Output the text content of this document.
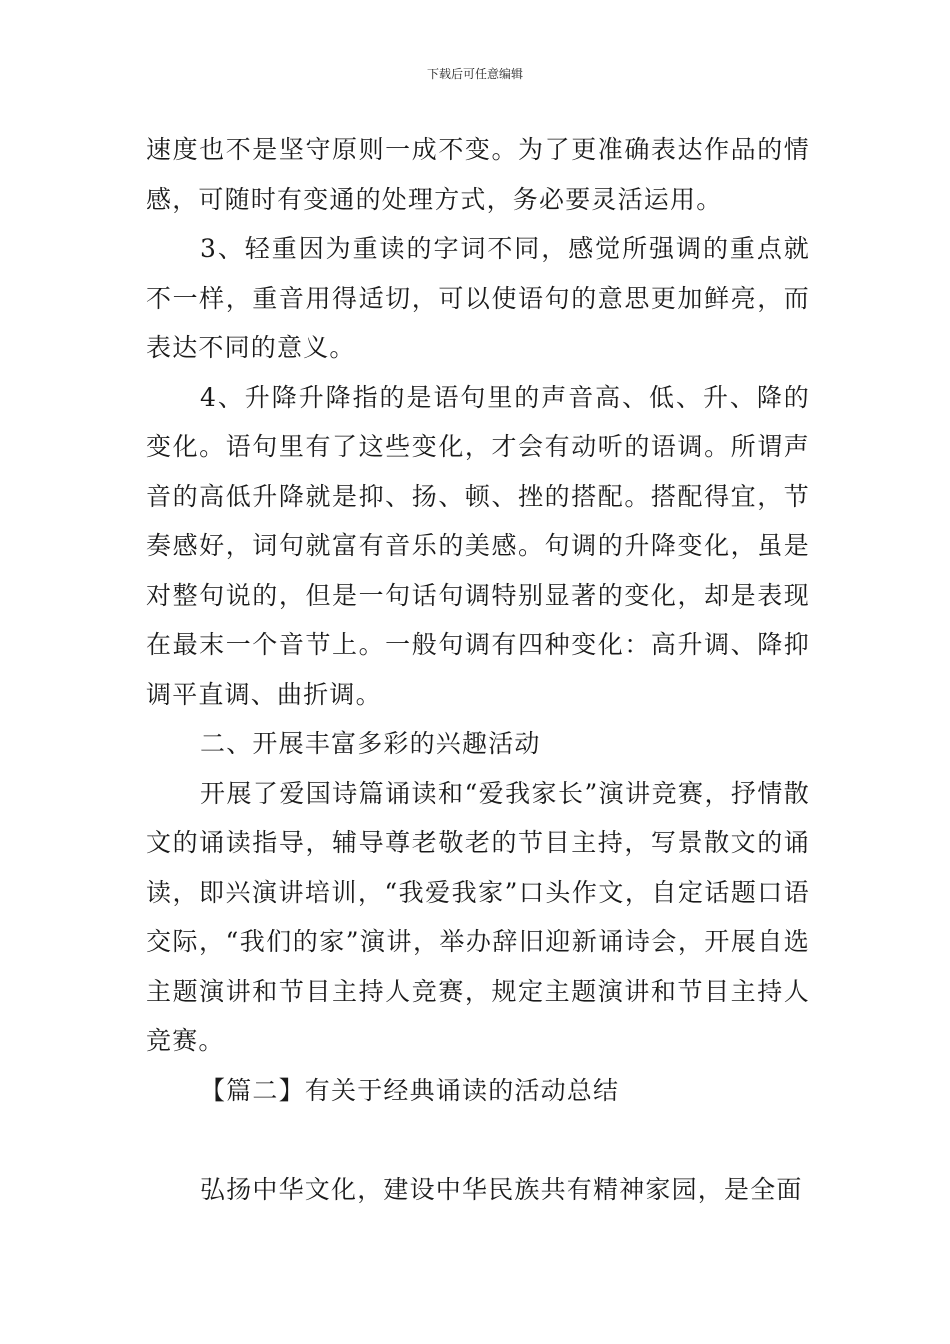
下载后可任意编辑

速度也不是坚守原则一成不变。为了更准确表达作品的情感，可随时有变通的处理方式，务必要灵活运用。

3、轻重因为重读的字词不同，感觉所强调的重点就不一样，重音用得适切，可以使语句的意思更加鲜亮，而表达不同的意义。

4、升降升降指的是语句里的声音高、低、升、降的变化。语句里有了这些变化，才会有动听的语调。所谓声音的高低升降就是抑、扬、顿、挫的搭配。搭配得宜，节奏感好，词句就富有音乐的美感。句调的升降变化，虽是对整句说的，但是一句话句调特别显著的变化，却是表现在最末一个音节上。一般句调有四种变化：高升调、降抑调平直调、曲折调。

二、开展丰富多彩的兴趣活动

开展了爱国诗篇诵读和“爱我家长”演讲竞赛，抒情散文的诵读指导，辅导尊老敬老的节目主持，写景散文的诵读，即兴演讲培训，“我爱我家”口头作文，自定话题口语交际，“我们的家”演讲，举办辞旧迎新诵诗会，开展自选主题演讲和节目主持人竞赛，规定主题演讲和节目主持人竞赛。

【篇二】有关于经典诵读的活动总结

弘扬中华文化，建设中华民族共有精神家园，是全面
